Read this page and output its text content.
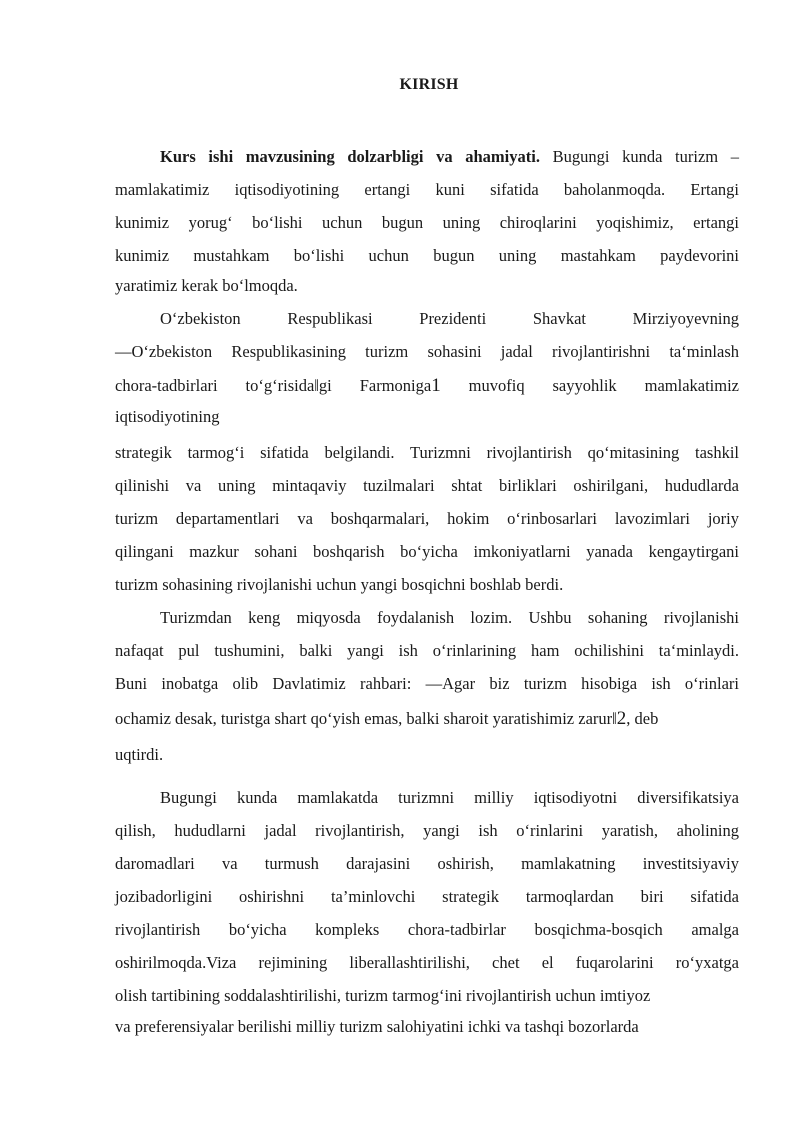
KIRISH
Kurs ishi mavzusining dolzarbligi va ahamiyati. Bugungi kunda turizm –
mamlakatimiz iqtisodiyotining ertangi kuni sifatida baholanmoqda. Ertangi
kunimiz yorug‘ bo‘lishi uchun bugun uning chiroqlarini yoqishimiz, ertangi
kunimiz mustahkam bo‘lishi uchun bugun uning mastahkam paydevorini
yaratimiz kerak bo‘lmoqda.
O‘zbekiston Respublikasi Prezidenti Shavkat Mirziyoyevning
―O‘zbekiston Respublikasining turizm sohasini jadal rivojlantirishni ta‘minlash
chora-tadbirlari to‘g‘risida‖gi Farmoniga1 muvofiq sayyohlik mamlakatimiz
iqtisodiyotining
strategik tarmog‘i sifatida belgilandi. Turizmni rivojlantirish qo‘mitasining tashkil
qilinishi va uning mintaqaviy tuzilmalari shtat birliklari oshirilgani, hududlarda
turizm departamentlari va boshqarmalari, hokim o‘rinbosarlari lavozimlari joriy
qilingani mazkur sohani boshqarish bo‘yicha imkoniyatlarni yanada kengaytirgani
turizm sohasining rivojlanishi uchun yangi bosqichni boshlab berdi.
Turizmdan keng miqyosda foydalanish lozim. Ushbu sohaning rivojlanishi
nafaqat pul tushumini, balki yangi ish o‘rinlarining ham ochilishini ta‘minlaydi.
Buni inobatga olib Davlatimiz rahbari: ―Agar biz turizm hisobiga ish o‘rinlari
ochamiz desak, turistga shart qo‘yish emas, balki sharoit yaratishimiz zarur‖2, deb
uqtirdi.
Bugungi kunda mamlakatda turizmni milliy iqtisodiyotni diversifikatsiya
qilish, hududlarni jadal rivojlantirish, yangi ish o‘rinlarini yaratish, aholining
daromadlari va turmush darajasini oshirish, mamlakatning investitsiyaviy
jozibadorligini oshirishni ta’minlovchi strategik tarmoqlardan biri sifatida
rivojlantirish bo‘yicha kompleks chora-tadbirlar bosqichma-bosqich amalga
oshirilmoqda.Viza rejimining liberallashtirilishi, chet el fuqarolarini ro‘yxatga
olish tartibining soddalashtirilishi, turizm tarmog‘ini rivojlantirish uchun imtiyoz
va preferensiyalar berilishi milliy turizm salohiyatini ichki va tashqi bozorlarda
